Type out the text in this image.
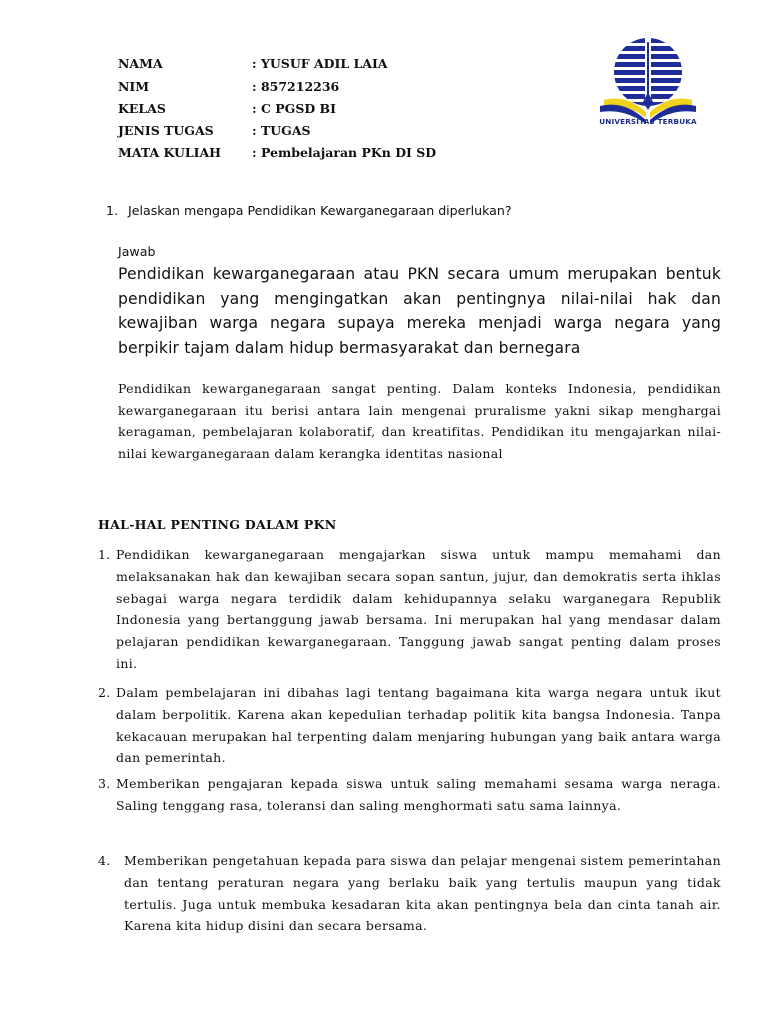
NAMA	: YUSUF ADIL LAIA
NIM	: 857212236
KELAS	: C PGSD BI
JENIS TUGAS	: TUGAS
MATA KULIAH : Pembelajaran PKn DI SD
UNIVERSITAS TERBUKA
1. Jelaskan mengapa Pendidikan Kewarganegaraan diperlukan?
Jawab
Pendidikan kewarganegaraan atau PKN secara umum merupakan bentuk pendidikan yang mengingatkan akan pentingnya nilai-nilai hak dan kewajiban warga negara supaya mereka menjadi warga negara yang berpikir tajam dalam hidup bermasyarakat dan bernegara
Pendidikan kewarganegaraan sangat penting. Dalam konteks Indonesia, pendidikan kewarganegaraan itu berisi antara lain mengenai pruralisme yakni sikap menghargai keragaman, pembelajaran kolaboratif, dan kreatifitas. Pendidikan itu mengajarkan nilai-nilai kewarganegaraan dalam kerangka identitas nasional
HAL-HAL PENTING DALAM PKN
1. Pendidikan kewarganegaraan mengajarkan siswa untuk mampu memahami dan melaksanakan hak dan kewajiban secara sopan santun, jujur, dan demokratis serta ihklas sebagai warga negara terdidik dalam kehidupannya selaku warganegara Republik Indonesia yang bertanggung jawab bersama. Ini merupakan hal yang mendasar dalam pelajaran pendidikan kewarganegaraan. Tanggung jawab sangat penting dalam proses ini.
2. Dalam pembelajaran ini dibahas lagi tentang bagaimana kita warga negara untuk ikut dalam berpolitik. Karena akan kepedulian terhadap politik kita bangsa Indonesia. Tanpa kekacauan merupakan hal terpenting dalam menjaring hubungan yang baik antara warga dan pemerintah.
3. Memberikan pengajaran kepada siswa untuk saling memahami sesama warga neraga. Saling tenggang rasa, toleransi dan saling menghormati satu sama lainnya.
4. Memberikan pengetahuan kepada para siswa dan pelajar mengenai sistem pemerintahan dan tentang peraturan negara yang berlaku baik yang tertulis maupun yang tidak tertulis. Juga untuk membuka kesadaran kita akan pentingnya bela dan cinta tanah air. Karena kita hidup disini dan secara bersama.
